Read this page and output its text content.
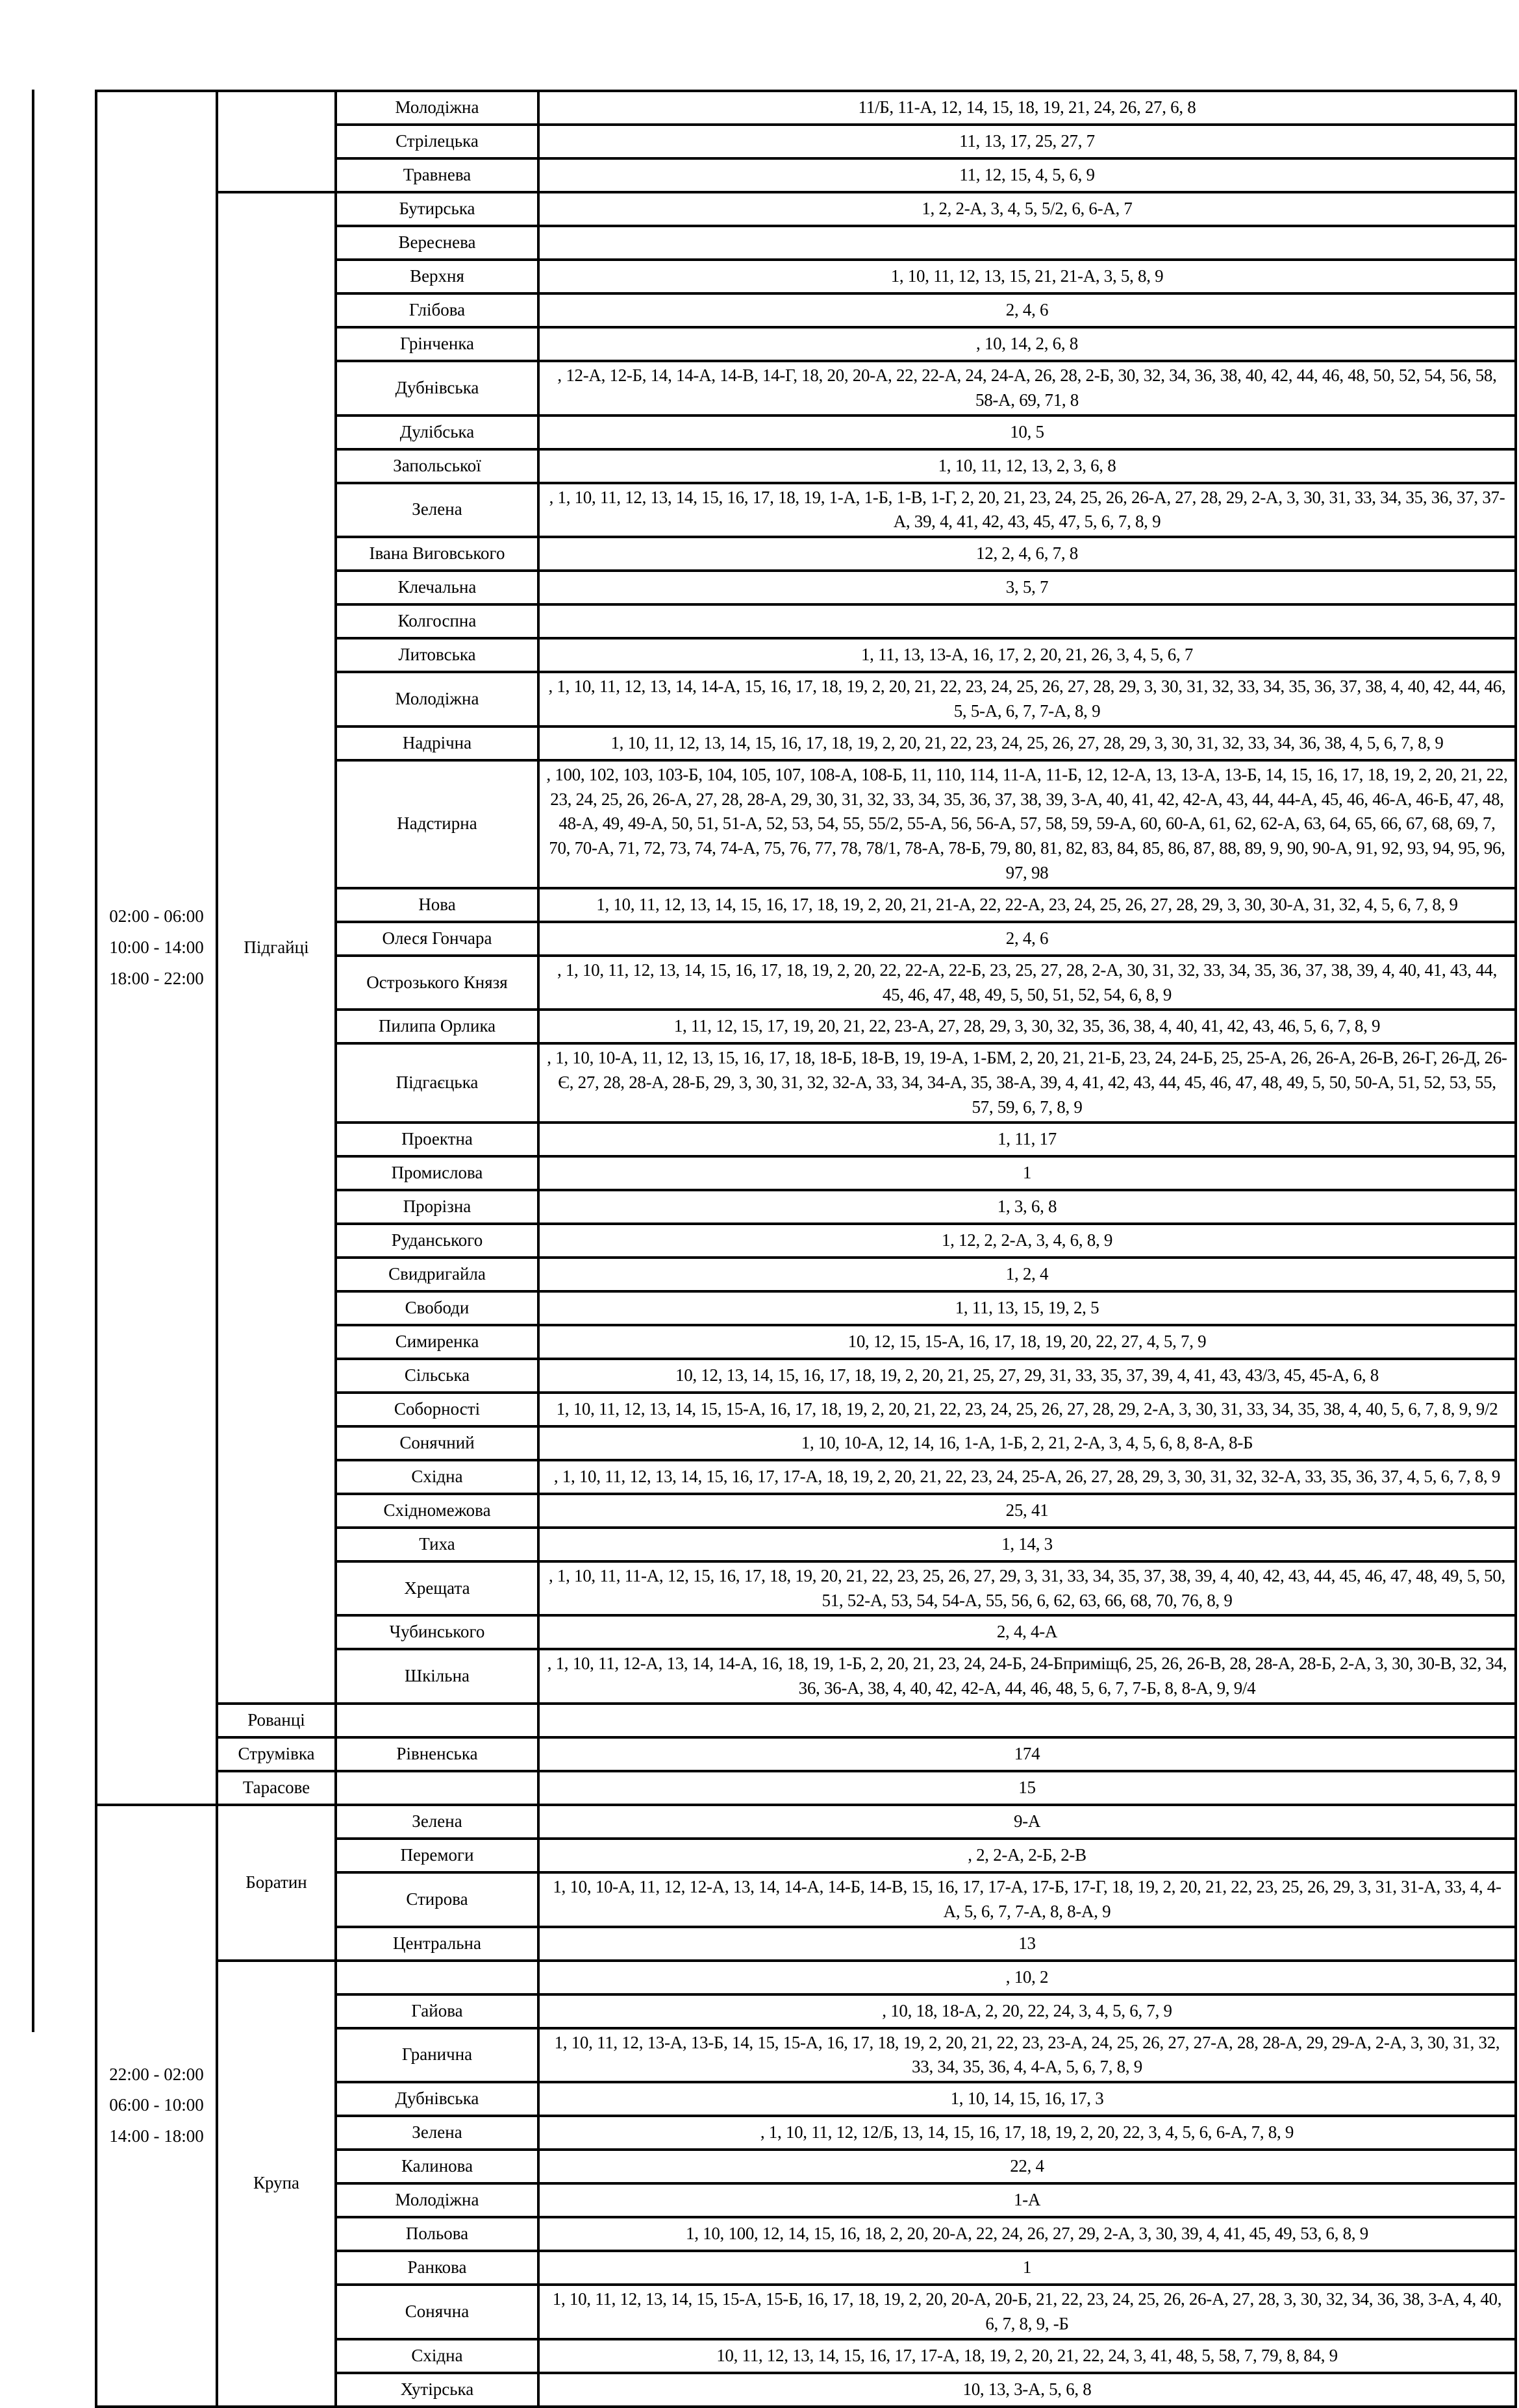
02:00 - 06:00
10:00 - 14:00
18:00 - 22:00		Молодіжна	11/Б, 11-А, 12, 14, 15, 18, 19, 21, 24, 26, 27, 6, 8
		Стрілецька	11, 13, 17, 25, 27, 7
		Травнева	11, 12, 15, 4, 5, 6, 9
	Підгайці	Бутирська	1, 2, 2-А, 3, 4, 5, 5/2, 6, 6-А, 7
		Вереснева	
		Верхня	1, 10, 11, 12, 13, 15, 21, 21-А, 3, 5, 8, 9
		Глібова	2, 4, 6
		Грінченка	, 10, 14, 2, 6, 8
		Дубнівська	, 12-А, 12-Б, 14, 14-А, 14-В, 14-Г, 18, 20, 20-А, 22, 22-А, 24, 24-А, 26, 28, 2-Б, 30, 32, 34, 36, 38, 40, 42, 44, 46, 48, 50, 52, 54, 56, 58, 58-А, 69, 71, 8
		Дулібська	10, 5
		Запольської	1, 10, 11, 12, 13, 2, 3, 6, 8
		Зелена	, 1, 10, 11, 12, 13, 14, 15, 16, 17, 18, 19, 1-А, 1-Б, 1-В, 1-Г, 2, 20, 21, 23, 24, 25, 26, 26-А, 27, 28, 29, 2-А, 3, 30, 31, 33, 34, 35, 36, 37, 37-А, 39, 4, 41, 42, 43, 45, 47, 5, 6, 7, 8, 9
		Івана Виговського	12, 2, 4, 6, 7, 8
		Клечальна	3, 5, 7
		Колгоспна	
		Литовська	1, 11, 13, 13-А, 16, 17, 2, 20, 21, 26, 3, 4, 5, 6, 7
		Молодіжна	, 1, 10, 11, 12, 13, 14, 14-А, 15, 16, 17, 18, 19, 2, 20, 21, 22, 23, 24, 25, 26, 27, 28, 29, 3, 30, 31, 32, 33, 34, 35, 36, 37, 38, 4, 40, 42, 44, 46, 5, 5-А, 6, 7, 7-А, 8, 9
		Надрічна	1, 10, 11, 12, 13, 14, 15, 16, 17, 18, 19, 2, 20, 21, 22, 23, 24, 25, 26, 27, 28, 29, 3, 30, 31, 32, 33, 34, 36, 38, 4, 5, 6, 7, 8, 9
		Надстирна	, 100, 102, 103, 103-Б, 104, 105, 107, 108-А, 108-Б, 11, 110, 114, 11-А, 11-Б, 12, 12-А, 13, 13-А, 13-Б, 14, 15, 16, 17, 18, 19, 2, 20, 21, 22, 23, 24, 25, 26, 26-А, 27, 28, 28-А, 29, 30, 31, 32, 33, 34, 35, 36, 37, 38, 39, 3-А, 40, 41, 42, 42-А, 43, 44, 44-А, 45, 46, 46-А, 46-Б, 47, 48, 48-А, 49, 49-А, 50, 51, 51-А, 52, 53, 54, 55, 55/2, 55-А, 56, 56-А, 57, 58, 59, 59-А, 60, 60-А, 61, 62, 62-А, 63, 64, 65, 66, 67, 68, 69, 7, 70, 70-А, 71, 72, 73, 74, 74-А, 75, 76, 77, 78, 78/1, 78-А, 78-Б, 79, 80, 81, 82, 83, 84, 85, 86, 87, 88, 89, 9, 90, 90-А, 91, 92, 93, 94, 95, 96, 97, 98
		Нова	1, 10, 11, 12, 13, 14, 15, 16, 17, 18, 19, 2, 20, 21, 21-А, 22, 22-А, 23, 24, 25, 26, 27, 28, 29, 3, 30, 30-А, 31, 32, 4, 5, 6, 7, 8, 9
		Олеся Гончара	2, 4, 6
		Острозького Князя	, 1, 10, 11, 12, 13, 14, 15, 16, 17, 18, 19, 2, 20, 22, 22-А, 22-Б, 23, 25, 27, 28, 2-А, 30, 31, 32, 33, 34, 35, 36, 37, 38, 39, 4, 40, 41, 43, 44, 45, 46, 47, 48, 49, 5, 50, 51, 52, 54, 6, 8, 9
		Пилипа Орлика	1, 11, 12, 15, 17, 19, 20, 21, 22, 23-А, 27, 28, 29, 3, 30, 32, 35, 36, 38, 4, 40, 41, 42, 43, 46, 5, 6, 7, 8, 9
		Підгаєцька	, 1, 10, 10-А, 11, 12, 13, 15, 16, 17, 18, 18-Б, 18-В, 19, 19-А, 1-БМ, 2, 20, 21, 21-Б, 23, 24, 24-Б, 25, 25-А, 26, 26-А, 26-В, 26-Г, 26-Д, 26-Є, 27, 28, 28-А, 28-Б, 29, 3, 30, 31, 32, 32-А, 33, 34, 34-А, 35, 38-А, 39, 4, 41, 42, 43, 44, 45, 46, 47, 48, 49, 5, 50, 50-А, 51, 52, 53, 55, 57, 59, 6, 7, 8, 9
		Проектна	1, 11, 17
		Промислова	1
		Прорізна	1, 3, 6, 8
		Руданського	1, 12, 2, 2-А, 3, 4, 6, 8, 9
		Свидригайла	1, 2, 4
		Свободи	1, 11, 13, 15, 19, 2, 5
		Симиренка	10, 12, 15, 15-А, 16, 17, 18, 19, 20, 22, 27, 4, 5, 7, 9
		Сільська	10, 12, 13, 14, 15, 16, 17, 18, 19, 2, 20, 21, 25, 27, 29, 31, 33, 35, 37, 39, 4, 41, 43, 43/3, 45, 45-А, 6, 8
		Соборності	1, 10, 11, 12, 13, 14, 15, 15-А, 16, 17, 18, 19, 2, 20, 21, 22, 23, 24, 25, 26, 27, 28, 29, 2-А, 3, 30, 31, 33, 34, 35, 38, 4, 40, 5, 6, 7, 8, 9, 9/2
		Сонячний	1, 10, 10-А, 12, 14, 16, 1-А, 1-Б, 2, 21, 2-А, 3, 4, 5, 6, 8, 8-А, 8-Б
		Східна	, 1, 10, 11, 12, 13, 14, 15, 16, 17, 17-А, 18, 19, 2, 20, 21, 22, 23, 24, 25-А, 26, 27, 28, 29, 3, 30, 31, 32, 32-А, 33, 35, 36, 37, 4, 5, 6, 7, 8, 9
		Східномежова	25, 41
		Тиха	1, 14, 3
		Хрещата	, 1, 10, 11, 11-А, 12, 15, 16, 17, 18, 19, 20, 21, 22, 23, 25, 26, 27, 29, 3, 31, 33, 34, 35, 37, 38, 39, 4, 40, 42, 43, 44, 45, 46, 47, 48, 49, 5, 50, 51, 52-А, 53, 54, 54-А, 55, 56, 6, 62, 63, 66, 68, 70, 76, 8, 9
		Чубинського	2, 4, 4-А
		Шкільна	, 1, 10, 11, 12-А, 13, 14, 14-А, 16, 18, 19, 1-Б, 2, 20, 21, 23, 24, 24-Б, 24-Бприміщ6, 25, 26, 26-В, 28, 28-А, 28-Б, 2-А, 3, 30, 30-В, 32, 34, 36, 36-А, 38, 4, 40, 42, 42-А, 44, 46, 48, 5, 6, 7, 7-Б, 8, 8-А, 9, 9/4
	Рованці		
	Струмівка	Рівненська	174
	Тарасове		15

22:00 - 02:00
06:00 - 10:00
14:00 - 18:00	Боратин	Зелена	9-А
		Перемоги	, 2, 2-А, 2-Б, 2-В
		Стирова	1, 10, 10-А, 11, 12, 12-А, 13, 14, 14-А, 14-Б, 14-В, 15, 16, 17, 17-А, 17-Б, 17-Г, 18, 19, 2, 20, 21, 22, 23, 25, 26, 29, 3, 31, 31-А, 33, 4, 4-А, 5, 6, 7, 7-А, 8, 8-А, 9
		Центральна	13
	Крупа		, 10, 2
		Гайова	, 10, 18, 18-А, 2, 20, 22, 24, 3, 4, 5, 6, 7, 9
		Гранична	1, 10, 11, 12, 13-А, 13-Б, 14, 15, 15-А, 16, 17, 18, 19, 2, 20, 21, 22, 23, 23-А, 24, 25, 26, 27, 27-А, 28, 28-А, 29, 29-А, 2-А, 3, 30, 31, 32, 33, 34, 35, 36, 4, 4-А, 5, 6, 7, 8, 9
		Дубнівська	1, 10, 14, 15, 16, 17, 3
		Зелена	, 1, 10, 11, 12, 12/Б, 13, 14, 15, 16, 17, 18, 19, 2, 20, 22, 3, 4, 5, 6, 6-А, 7, 8, 9
		Калинова	22, 4
		Молодіжна	1-А
		Польова	1, 10, 100, 12, 14, 15, 16, 18, 2, 20, 20-А, 22, 24, 26, 27, 29, 2-А, 3, 30, 39, 4, 41, 45, 49, 53, 6, 8, 9
		Ранкова	1
		Сонячна	1, 10, 11, 12, 13, 14, 15, 15-А, 15-Б, 16, 17, 18, 19, 2, 20, 20-А, 20-Б, 21, 22, 23, 24, 25, 26, 26-А, 27, 28, 3, 30, 32, 34, 36, 38, 3-А, 4, 40, 6, 7, 8, 9, -Б
		Східна	10, 11, 12, 13, 14, 15, 16, 17, 17-А, 18, 19, 2, 20, 21, 22, 24, 3, 41, 48, 5, 58, 7, 79, 8, 84, 9
		Хутірська	10, 13, 3-А, 5, 6, 8
